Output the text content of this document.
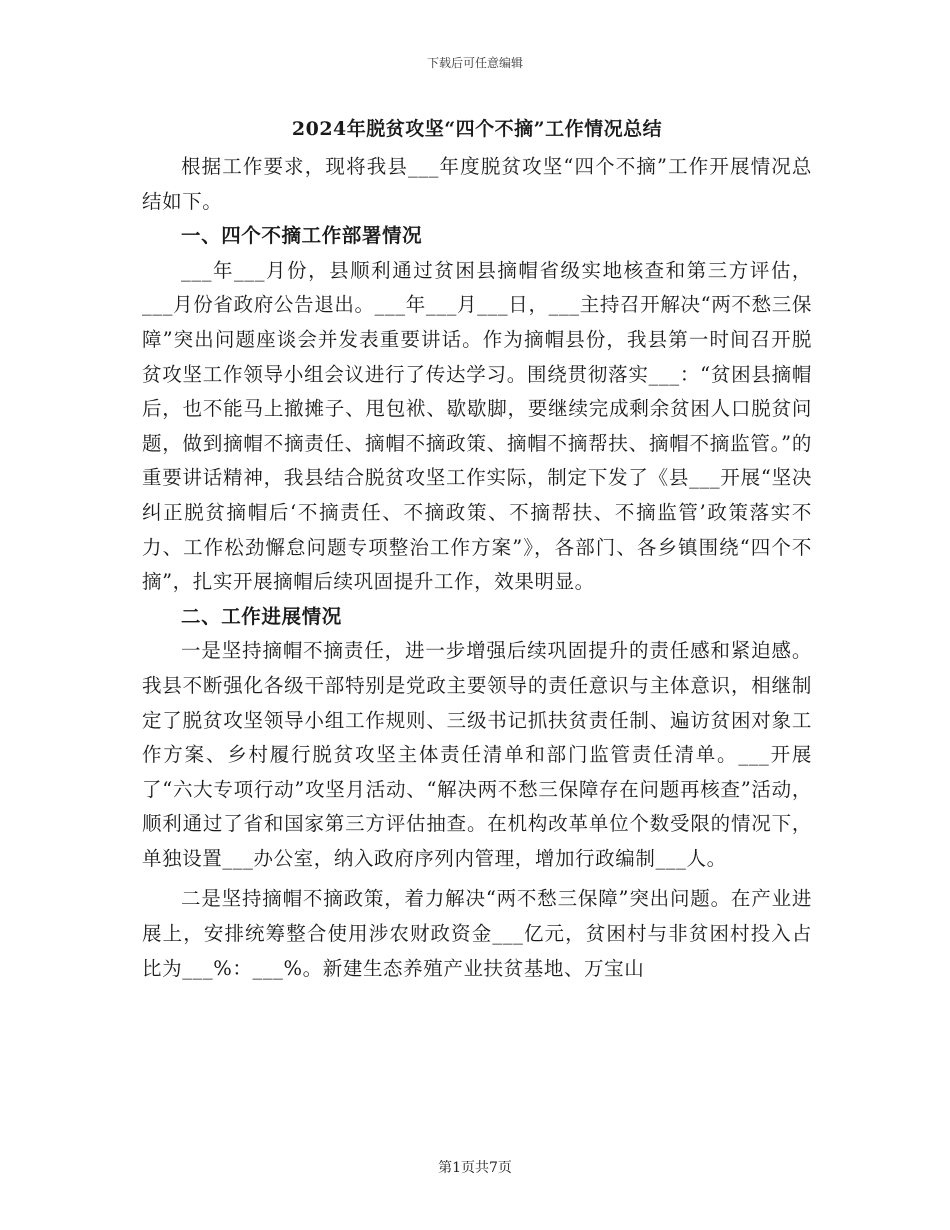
下载后可任意编辑
2024年脱贫攻坚“四个不摘”工作情况总结

根据工作要求，现将我县___年度脱贫攻坚“四个不摘”工作开展情况总结如下。

一、四个不摘工作部署情况

___年___月份，县顺利通过贫困县摘帽省级实地核查和第三方评估，___月份省政府公告退出。___年___月___日，___主持召开解决“两不愁三保障”突出问题座谈会并发表重要讲话。作为摘帽县份，我县第一时间召开脱贫攻坚工作领导小组会议进行了传达学习。围绕贯彻落实___：“贫困县摘帽后，也不能马上撤摊子、甩包袱、歇歇脚，要继续完成剩余贫困人口脱贫问题，做到摘帽不摘责任、摘帽不摘政策、摘帽不摘帮扶、摘帽不摘监管。”的重要讲话精神，我县结合脱贫攻坚工作实际，制定下发了《县___开展“坚决纠正脱贫摘帽后‘不摘责任、不摘政策、不摘帮扶、不摘监管’政策落实不力、工作松劲懈怠问题专项整治工作方案”》，各部门、各乡镇围绕“四个不摘”，扎实开展摘帽后续巩固提升工作，效果明显。

二、工作进展情况

一是坚持摘帽不摘责任，进一步增强后续巩固提升的责任感和紧迫感。我县不断强化各级干部特别是党政主要领导的责任意识与主体意识，相继制定了脱贫攻坚领导小组工作规则、三级书记抓扶贫责任制、遍访贫困对象工作方案、乡村履行脱贫攻坚主体责任清单和部门监管责任清单。___开展了“六大专项行动”攻坚月活动、“解决两不愁三保障存在问题再核查”活动，顺利通过了省和国家第三方评估抽查。在机构改革单位个数受限的情况下，单独设置___办公室，纳入政府序列内管理，增加行政编制___人。

二是坚持摘帽不摘政策，着力解决“两不愁三保障”突出问题。在产业进展上，安排统筹整合使用涉农财政资金___亿元，贫困村与非贫困村投入占比为___%：___%。新建生态养殖产业扶贫基地、万宝山

第1页共7页
